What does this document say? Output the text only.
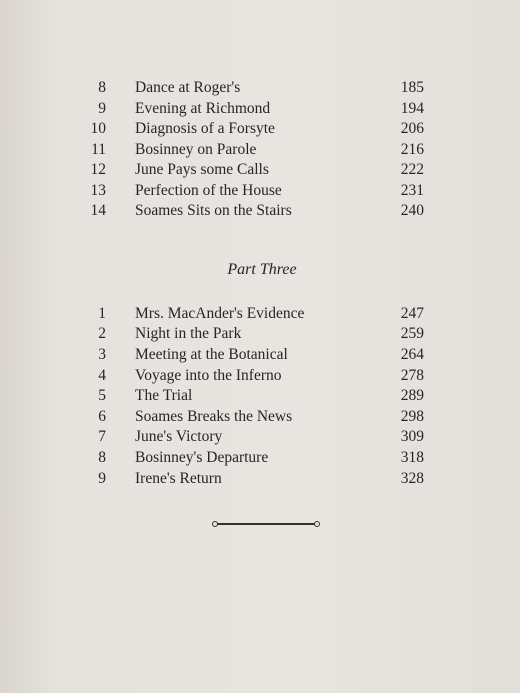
8 Dance at Roger's	185
9 Evening at Richmond	194
10 Diagnosis of a Forsyte	206
11 Bosinney on Parole	216
12 June Pays some Calls	222
13 Perfection of the House	231
14 Soames Sits on the Stairs	240
Part Three
1 Mrs. MacAnder's Evidence	247
2 Night in the Park	259
3 Meeting at the Botanical	264
4 Voyage into the Inferno	278
5 The Trial	289
6 Soames Breaks the News	298
7 June's Victory	309
8 Bosinney's Departure	318
9 Irene's Return	328
